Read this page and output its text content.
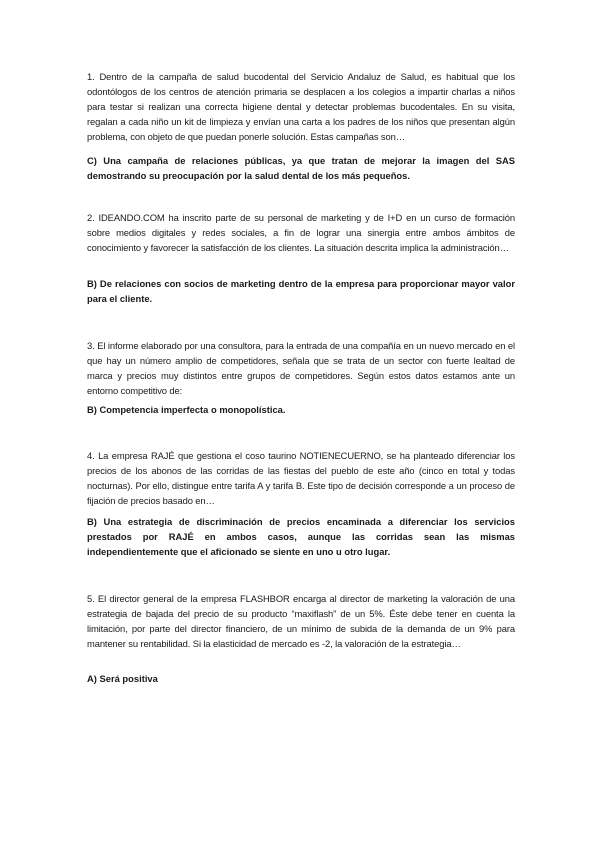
1. Dentro de la campaña de salud bucodental del Servicio Andaluz de Salud, es habitual que los odontólogos de los centros de atención primaria se desplacen a los colegios a impartir charlas a niños para testar si realizan una correcta higiene dental y detectar problemas bucodentales. En su visita, regalan a cada niño un kit de limpieza y envían una carta a los padres de los niños que presentan algún problema, con objeto de que puedan ponerle solución. Estas campañas son…

C) Una campaña de relaciones públicas, ya que tratan de mejorar la imagen del SAS demostrando su preocupación por la salud dental de los más pequeños.

2. IDEANDO.COM ha inscrito parte de su personal de marketing y de I+D en un curso de formación sobre medios digitales y redes sociales, a fin de lograr una sinergia entre ambos ámbitos de conocimiento y favorecer la satisfacción de los clientes. La situación descrita implica la administración…

B) De relaciones con socios de marketing dentro de la empresa para proporcionar mayor valor para el cliente.

3. El informe elaborado por una consultora, para la entrada de una compañía en un nuevo mercado en el que hay un número amplio de competidores, señala que se trata de un sector con fuerte lealtad de marca y precios muy distintos entre grupos de competidores. Según estos datos estamos ante un entorno competitivo de:

B) Competencia imperfecta o monopolística.

4. La empresa RAJÉ que gestiona el coso taurino NOTIENECUERNO, se ha planteado diferenciar los precios de los abonos de las corridas de las fiestas del pueblo de este año (cinco en total y todas nocturnas). Por ello, distingue entre tarifa A y tarifa B. Este tipo de decisión corresponde a un proceso de fijación de precios basado en…

B) Una estrategia de discriminación de precios encaminada a diferenciar los servicios prestados por RAJÉ en ambos casos, aunque las corridas sean las mismas independientemente que el aficionado se siente en uno u otro lugar.

5. El director general de la empresa FLASHBOR encarga al director de marketing la valoración de una estrategia de bajada del precio de su producto “maxiflash” de un 5%. Éste debe tener en cuenta la limitación, por parte del director financiero, de un mínimo de subida de la demanda de un 9% para mantener su rentabilidad. Si la elasticidad de mercado es -2, la valoración de la estrategia…

A) Será positiva
